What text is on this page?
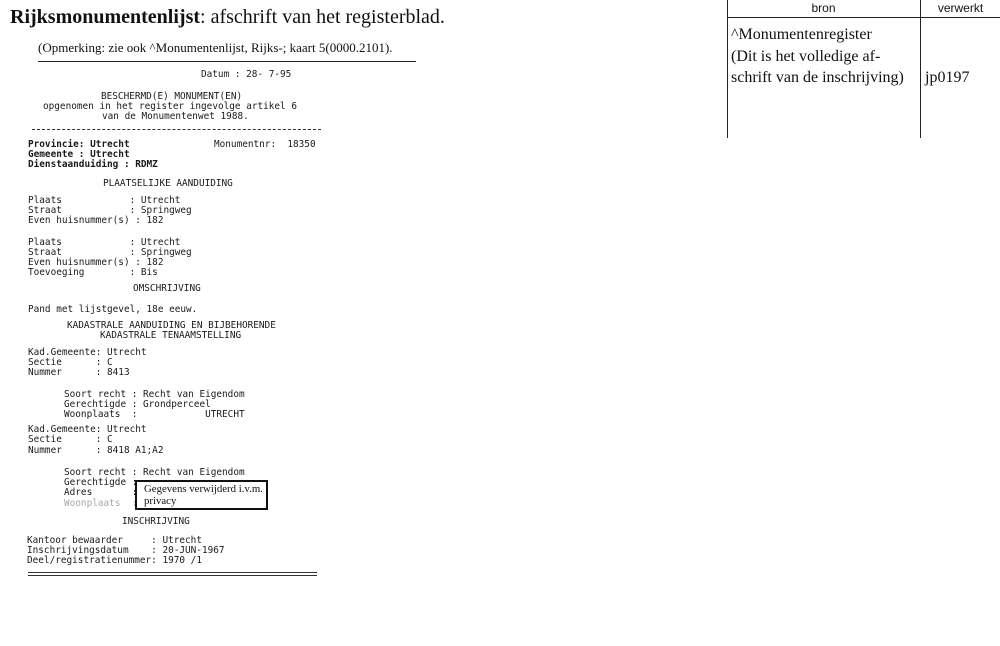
Rijksmonumentenlijst: afschrift van het registerblad.
(Opmerking: zie ook ^Monumentenlijst, Rijks-; kaart 5(0000.2101).
Datum : 28- 7-95
BESCHERMD(E) MONUMENT(EN)
opgenomen in het register ingevolge artikel 6
van de Monumentenwet 1988.
Provincie: Utrecht	Monumentnr:  18350
Gemeente : Utrecht
Dienstaanduiding : RDMZ
PLAATSELIJKE AANDUIDING
Plaats            : Utrecht
Straat            : Springweg
Even huisnummer(s) : 182
Plaats            : Utrecht
Straat            : Springweg
Even huisnummer(s) : 182
Toevoeging        : Bis
OMSCHRIJVING
Pand met lijstgevel, 18e eeuw.
KADASTRALE AANDUIDING EN BIJBEHORENDE
KADASTRALE TENAAMSTELLING
Kad.Gemeente: Utrecht
Sectie      : C
Nummer      : 8413
Soort recht : Recht van Eigendom
Gerechtigde : Grondperceel
Woonplaats  :            UTRECHT
Kad.Gemeente: Utrecht
Sectie      : C
Nummer      : 8418 A1;A2
Soort recht : Recht van Eigendom
Gerechtigde :
Adres       :
Woonplaats  :
Gegevens verwijderd i.v.m. privacy
INSCHRIJVING
Kantoor bewaarder     : Utrecht
Inschrijvingsdatum    : 20-JUN-1967
Deel/registratienummer: 1970 /1
bron	verwerkt
^Monumentenregister
(Dit is het volledige af-
schrift van de inschrijving) jp0197
